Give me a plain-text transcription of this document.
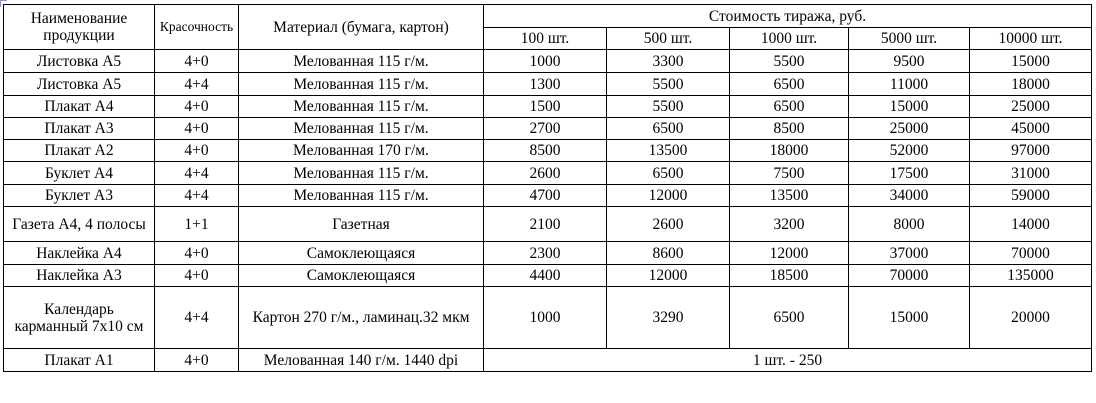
Наименование продукции	Красочность	Материал (бумага, картон)	Стоимость тиража, руб.				
			100 шт.	500 шт.	1000 шт.	5000 шт.	10000 шт.
Листовка А5	4+0	Мелованная 115 г/м.	1000	3300	5500	9500	15000
Листовка А5	4+4	Мелованная 115 г/м.	1300	5500	6500	11000	18000
Плакат А4	4+0	Мелованная 115 г/м.	1500	5500	6500	15000	25000
Плакат А3	4+0	Мелованная 115 г/м.	2700	6500	8500	25000	45000
Плакат А2	4+0	Мелованная 170 г/м.	8500	13500	18000	52000	97000
Буклет А4	4+4	Мелованная 115 г/м.	2600	6500	7500	17500	31000
Буклет А3	4+4	Мелованная 115 г/м.	4700	12000	13500	34000	59000
Газета А4, 4 полосы	1+1	Газетная	2100	2600	3200	8000	14000
Наклейка А4	4+0	Самоклеющаяся	2300	8600	12000	37000	70000
Наклейка А3	4+0	Самоклеющаяся	4400	12000	18500	70000	135000
Календарь карманный 7х10 см	4+4	Картон 270 г/м., ламинац.32 мкм	1000	3290	6500	15000	20000
Плакат А1	4+0	Мелованная 140 г/м. 1440 dpi	1 шт. - 250				
